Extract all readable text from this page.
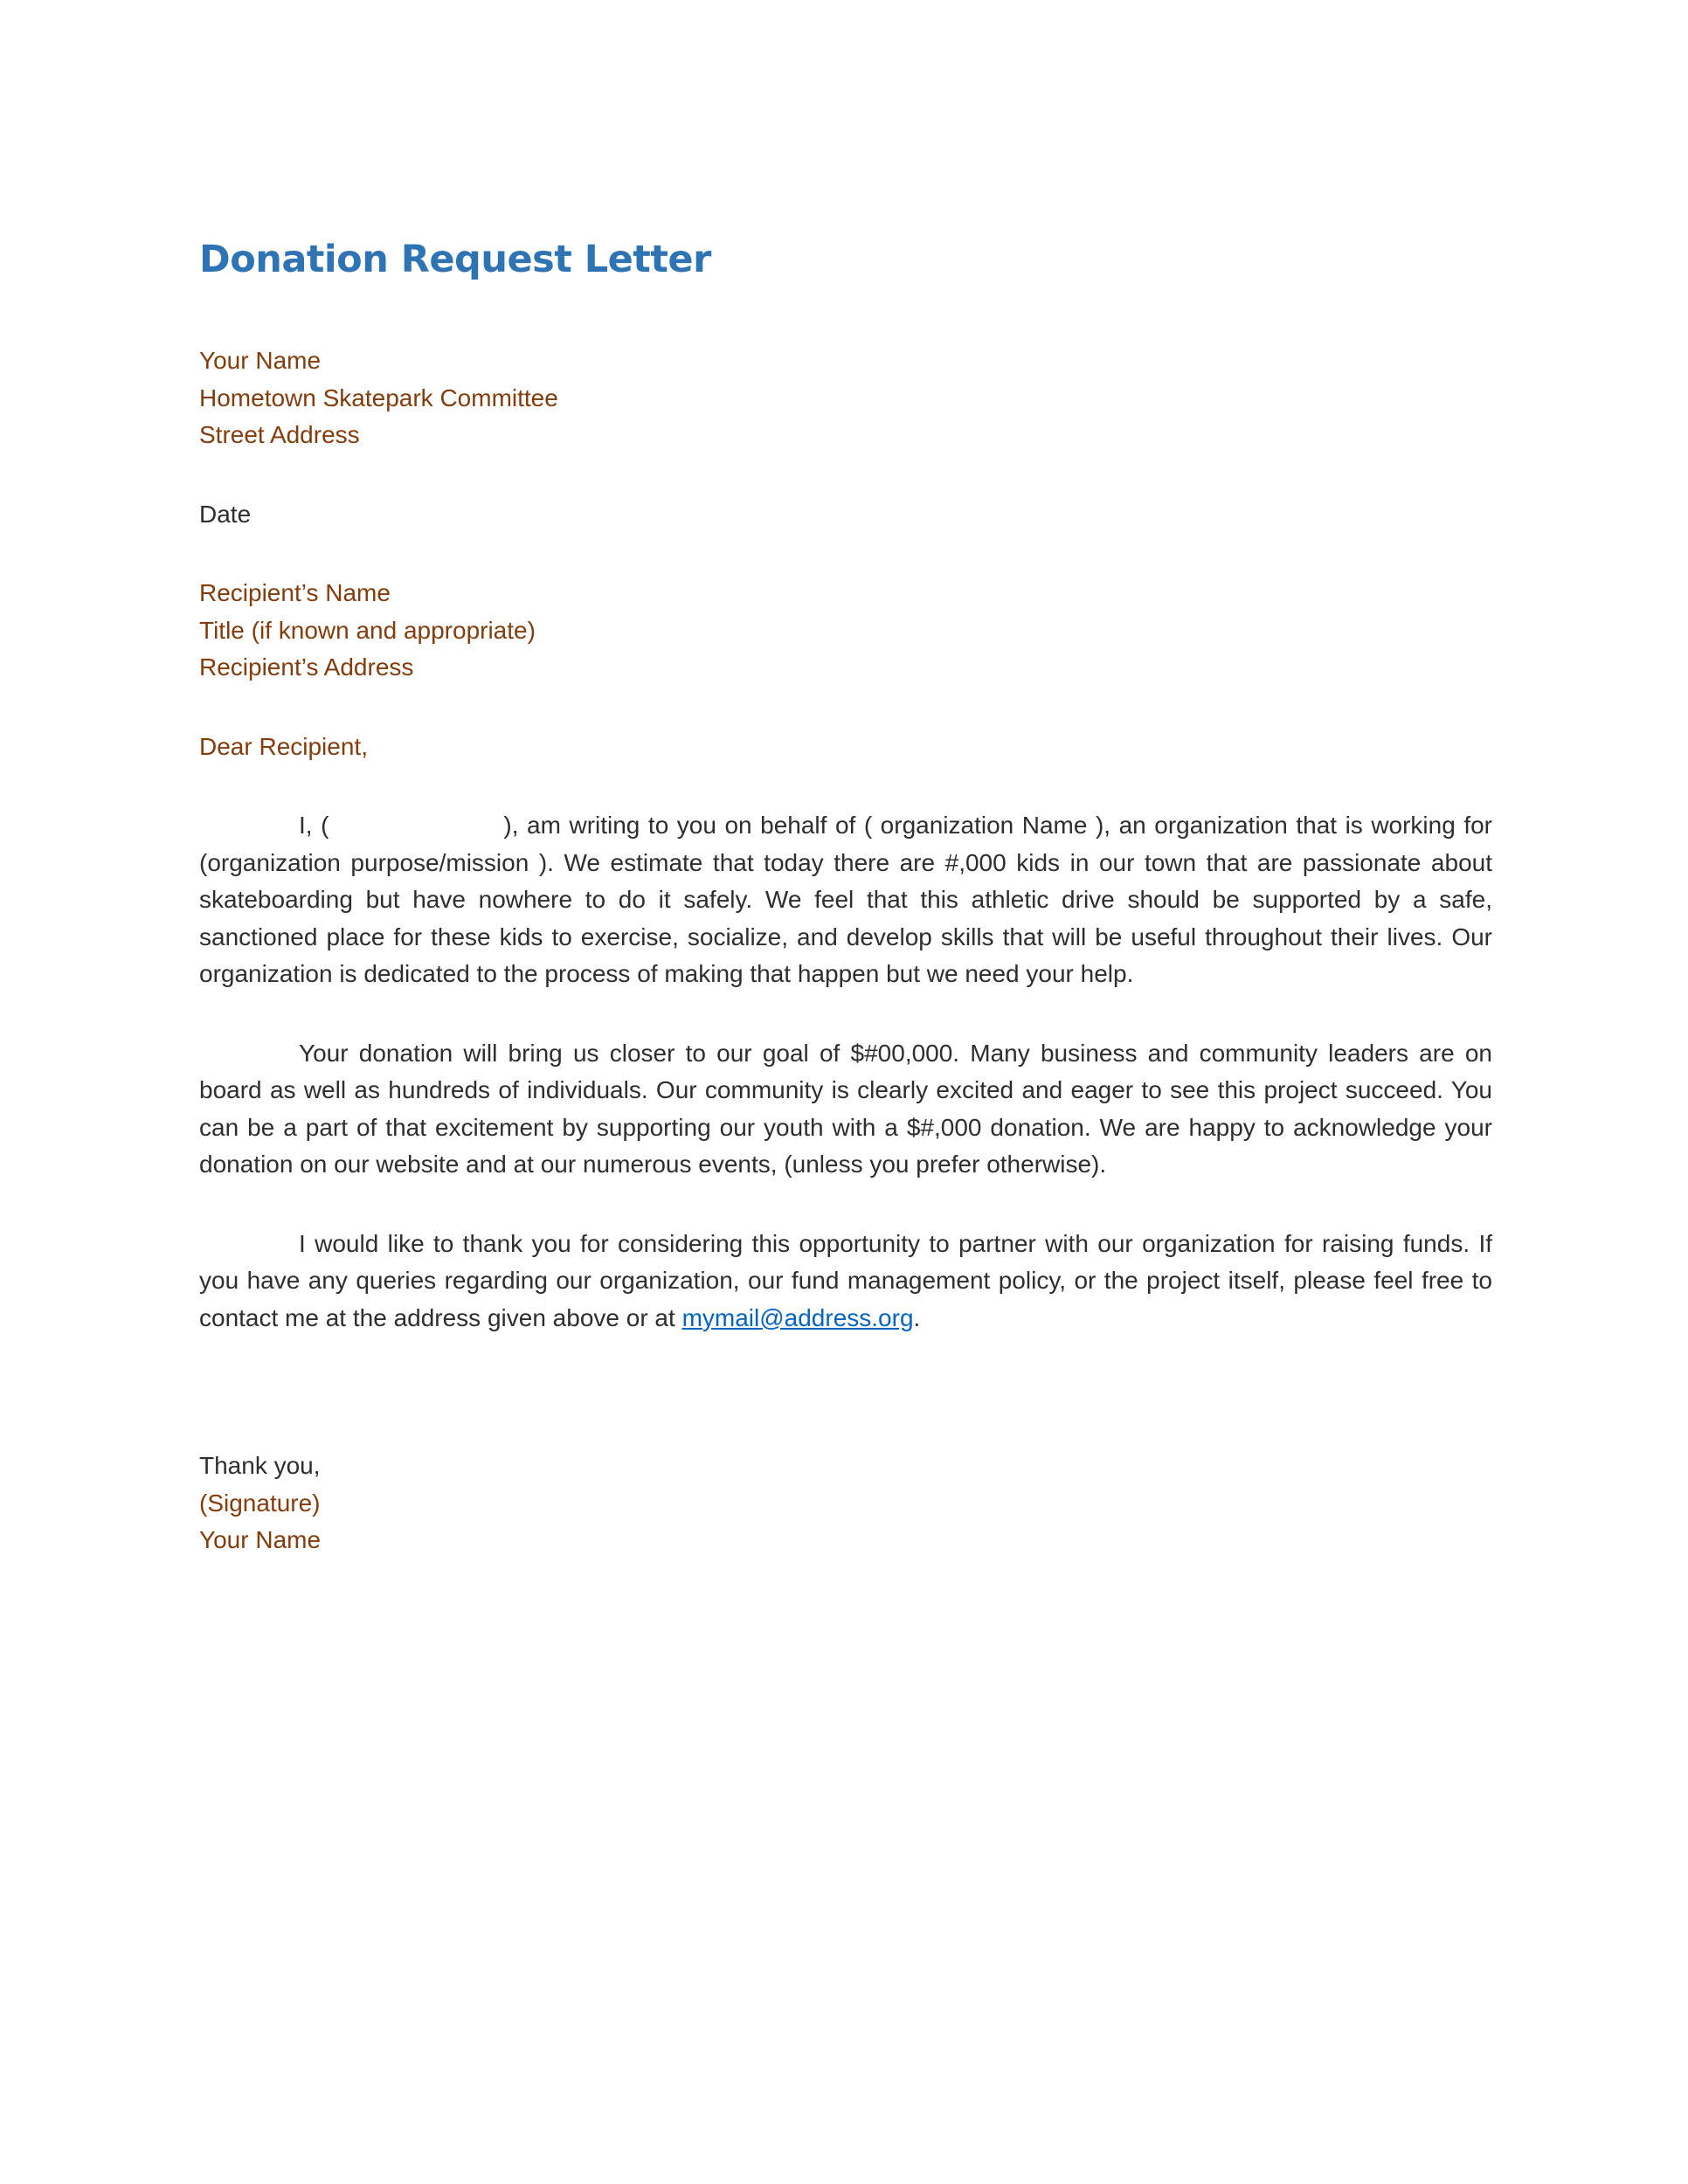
Donation Request Letter

Your Name

Hometown Skatepark Committee

Street Address

Date

Recipient’s Name

Title (if known and appropriate)

Recipient’s Address

Dear Recipient,

I, (	), am writing to you on behalf of ( organization Name ), an organization that is working for (organization purpose/mission ). We estimate that today there are #,000 kids in our town that are passionate about skateboarding but have nowhere to do it safely. We feel that this athletic drive should be supported by a safe, sanctioned place for these kids to exercise, socialize, and develop skills that will be useful throughout their lives. Our organization is dedicated to the process of making that happen but we need your help.

Your donation will bring us closer to our goal of $#00,000. Many business and community leaders are on board as well as hundreds of individuals. Our community is clearly excited and eager to see this project succeed. You can be a part of that excitement by supporting our youth with a $#,000 donation. We are happy to acknowledge your donation on our website and at our numerous events, (unless you prefer otherwise).

I would like to thank you for considering this opportunity to partner with our organization for raising funds. If you have any queries regarding our organization, our fund management policy, or the project itself, please feel free to contact me at the address given above or at mymail@address.org.

Thank you,

(Signature)

Your Name
